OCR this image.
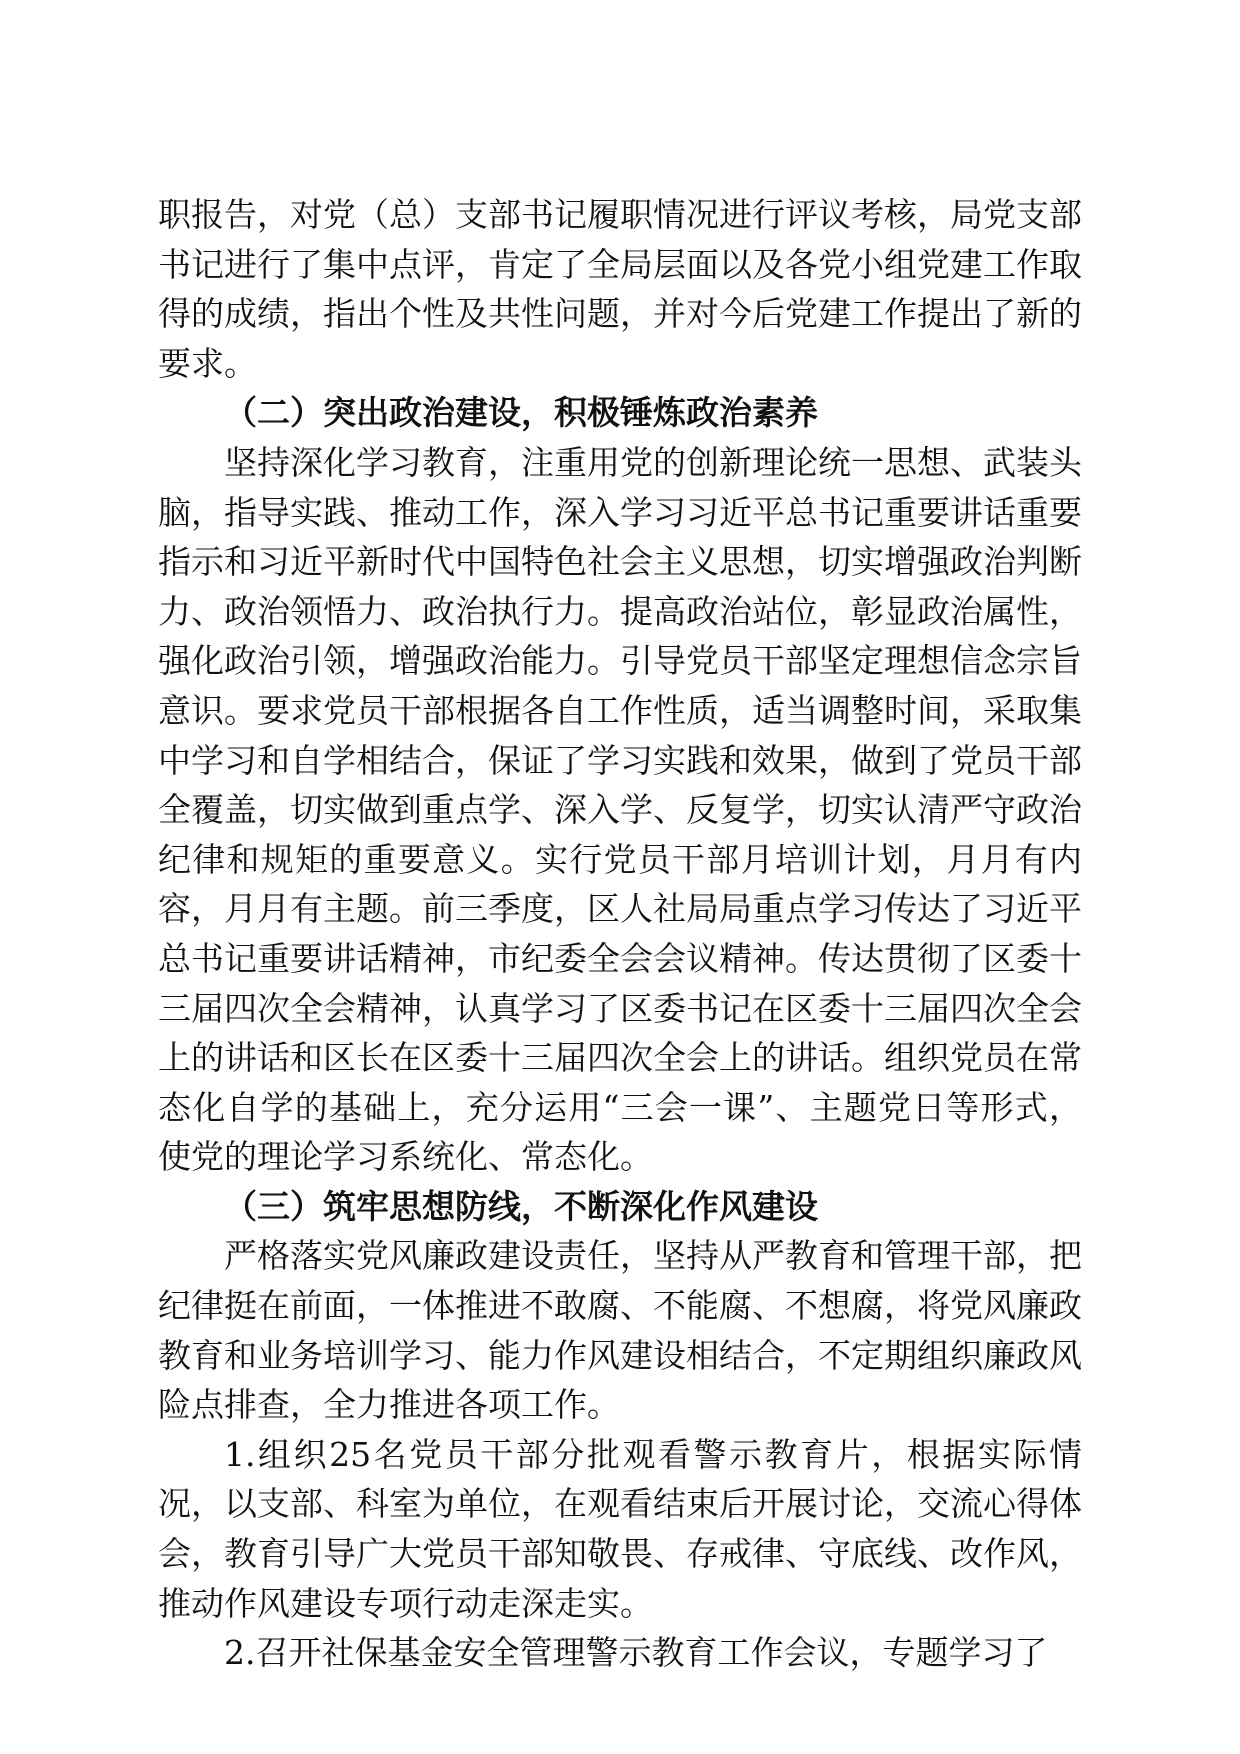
职报告，对党（总）支部书记履职情况进行评议考核，局党支部书记进行了集中点评，肯定了全局层面以及各党小组党建工作取得的成绩，指出个性及共性问题，并对今后党建工作提出了新的要求。

（二）突出政治建设，积极锤炼政治素养

坚持深化学习教育，注重用党的创新理论统一思想、武装头脑，指导实践、推动工作，深入学习习近平总书记重要讲话重要指示和习近平新时代中国特色社会主义思想，切实增强政治判断力、政治领悟力、政治执行力。提高政治站位，彰显政治属性，强化政治引领，增强政治能力。引导党员干部坚定理想信念宗旨意识。要求党员干部根据各自工作性质，适当调整时间，采取集中学习和自学相结合，保证了学习实践和效果，做到了党员干部全覆盖，切实做到重点学、深入学、反复学，切实认清严守政治纪律和规矩的重要意义。实行党员干部月培训计划，月月有内容，月月有主题。前三季度，区人社局局重点学习传达了习近平总书记重要讲话精神，市纪委全会会议精神。传达贯彻了区委十三届四次全会精神，认真学习了区委书记在区委十三届四次全会上的讲话和区长在区委十三届四次全会上的讲话。组织党员在常态化自学的基础上，充分运用“三会一课”、主题党日等形式，使党的理论学习系统化、常态化。

（三）筑牢思想防线，不断深化作风建设

严格落实党风廉政建设责任，坚持从严教育和管理干部，把纪律挺在前面，一体推进不敢腐、不能腐、不想腐，将党风廉政教育和业务培训学习、能力作风建设相结合，不定期组织廉政风险点排查，全力推进各项工作。

1.组织25名党员干部分批观看警示教育片，根据实际情况，以支部、科室为单位，在观看结束后开展讨论，交流心得体会，教育引导广大党员干部知敬畏、存戒律、守底线、改作风，推动作风建设专项行动走深走实。

2.召开社保基金安全管理警示教育工作会议，专题学习了
